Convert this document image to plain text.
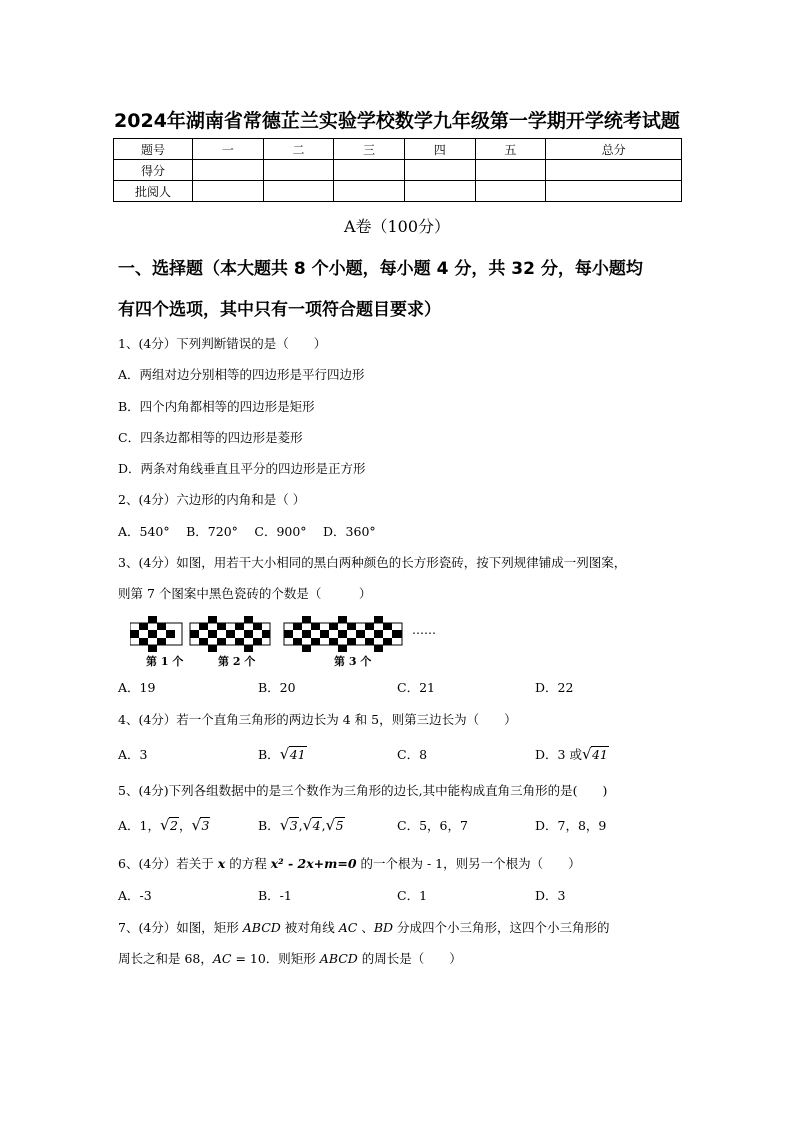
2024年湖南省常德芷兰实验学校数学九年级第一学期开学统考试题
题号	一	二	三	四	五	总分
得分						
批阅人						
A卷（100分）
一、选择题（本大题共 8 个小题，每小题 4 分，共 32 分，每小题均
有四个选项，其中只有一项符合题目要求）
1、(4分）下列判断错误的是（　　）
A．两组对边分别相等的四边形是平行四边形
B．四个内角都相等的四边形是矩形
C．四条边都相等的四边形是菱形
D．两条对角线垂直且平分的四边形是正方形
2、(4分）六边形的内角和是（ ）
A．540°　 B．720°　 C．900°　 D．360°
3、(4分）如图，用若干大小相同的黑白两种颜色的长方形瓷砖，按下列规律铺成一列图案，
则第 7 个图案中黑色瓷砖的个数是（　　　）
……
第 1 个	第 2 个	第 3 个
A．19	B．20	C．21	D．22
4、(4分）若一个直角三角形的两边长为 4 和 5，则第三边长为（　　）
A．3	B． √ 41	C．8	D．3 或 √ 41
5、(4分)下列各组数据中的是三个数作为三角形的边长,其中能构成直角三角形的是(　　)
A．1， √ 2， √ 3	B． √ 3, √ 4, √ 5	C．5，6，7	D．7，8，9
6、(4分）若关于 x 的方程 x² - 2x+m=0 的一个根为 - 1，则另一个根为（　　）
A．-3	B．-1	C．1	D．3
7、(4分）如图，矩形 ABCD 被对角线 AC 、BD 分成四个小三角形，这四个小三角形的
周长之和是 68，AC = 10．则矩形 ABCD 的周长是（　　）
